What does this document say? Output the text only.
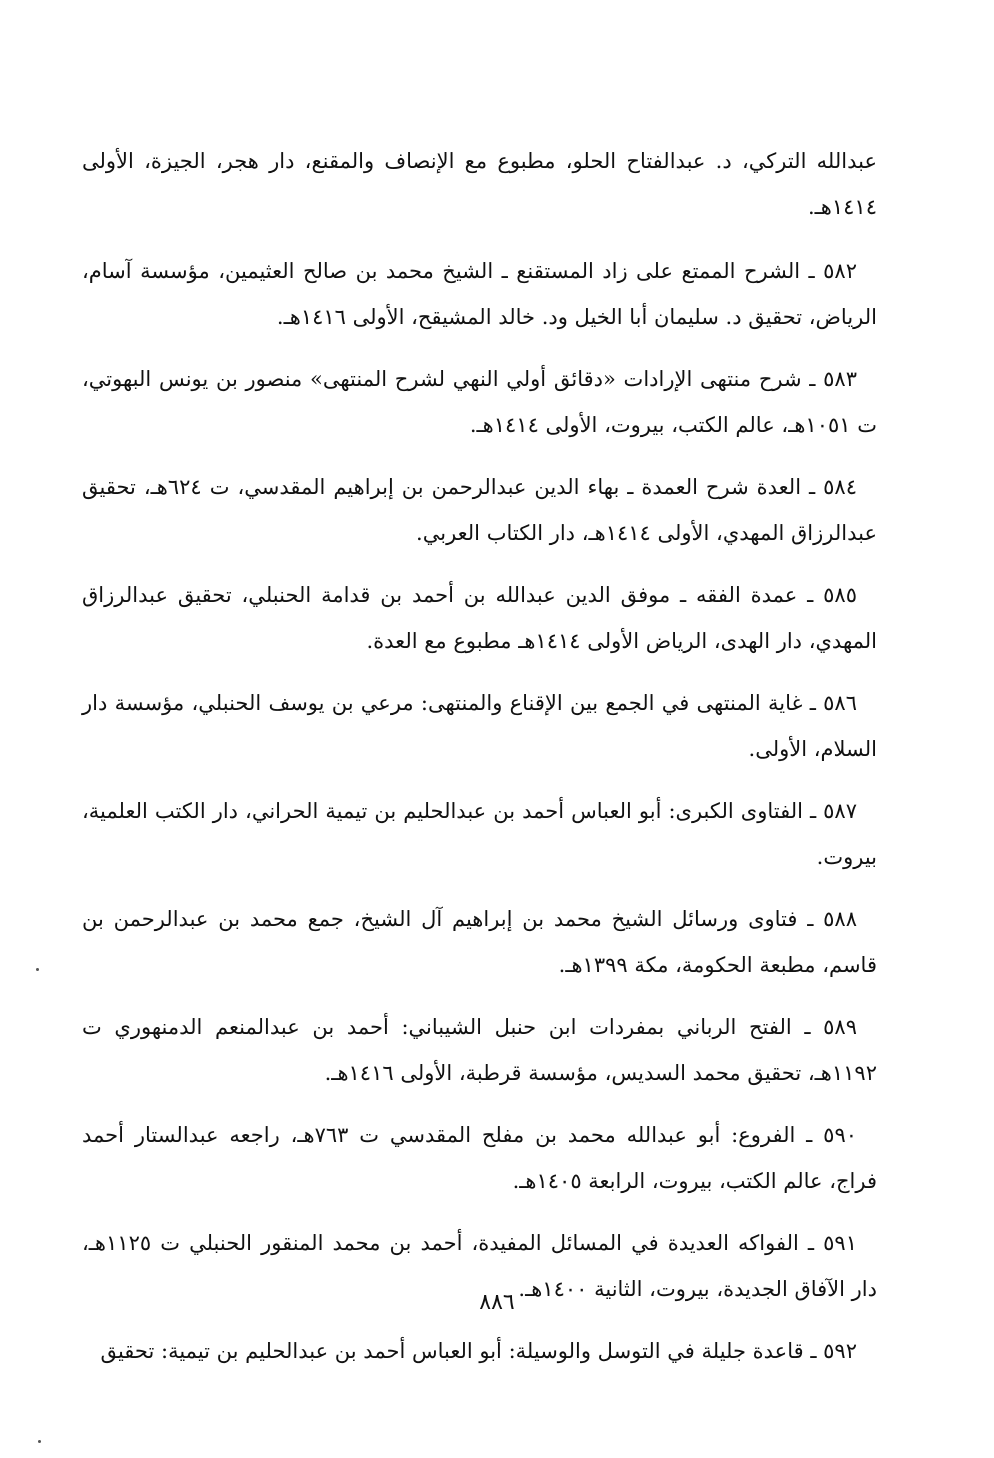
عبدالله التركي، د. عبدالفتاح الحلو، مطبوع مع الإنصاف والمقنع، دار هجر، الجيزة، الأولى ١٤١٤هـ.

٥٨٢ ـ الشرح الممتع على زاد المستقنع ـ الشيخ محمد بن صالح العثيمين، مؤسسة آسام، الرياض، تحقيق د. سليمان أبا الخيل ود. خالد المشيقح، الأولى ١٤١٦هـ.

٥٨٣ ـ شرح منتهى الإرادات «دقائق أولي النهي لشرح المنتهى» منصور بن يونس البهوتي، ت ١٠٥١هـ، عالم الكتب، بيروت، الأولى ١٤١٤هـ.

٥٨٤ ـ العدة شرح العمدة ـ بهاء الدين عبدالرحمن بن إبراهيم المقدسي، ت ٦٢٤هـ، تحقيق عبدالرزاق المهدي، الأولى ١٤١٤هـ، دار الكتاب العربي.

٥٨٥ ـ عمدة الفقه ـ موفق الدين عبدالله بن أحمد بن قدامة الحنبلي، تحقيق عبدالرزاق المهدي، دار الهدى، الرياض الأولى ١٤١٤هـ مطبوع مع العدة.

٥٨٦ ـ غاية المنتهى في الجمع بين الإقناع والمنتهى: مرعي بن يوسف الحنبلي، مؤسسة دار السلام، الأولى.

٥٨٧ ـ الفتاوى الكبرى: أبو العباس أحمد بن عبدالحليم بن تيمية الحراني، دار الكتب العلمية، بيروت.

٥٨٨ ـ فتاوى ورسائل الشيخ محمد بن إبراهيم آل الشيخ، جمع محمد بن عبدالرحمن بن قاسم، مطبعة الحكومة، مكة ١٣٩٩هـ.

٥٨٩ ـ الفتح الرباني بمفردات ابن حنبل الشيباني: أحمد بن عبدالمنعم الدمنهوري ت ١١٩٢هـ، تحقيق محمد السديس، مؤسسة قرطبة، الأولى ١٤١٦هـ.

٥٩٠ ـ الفروع: أبو عبدالله محمد بن مفلح المقدسي ت ٧٦٣هـ، راجعه عبدالستار أحمد فراج، عالم الكتب، بيروت، الرابعة ١٤٠٥هـ.

٥٩١ ـ الفواكه العديدة في المسائل المفيدة، أحمد بن محمد المنقور الحنبلي ت ١١٢٥هـ، دار الآفاق الجديدة، بيروت، الثانية ١٤٠٠هـ.

٥٩٢ ـ قاعدة جليلة في التوسل والوسيلة: أبو العباس أحمد بن عبدالحليم بن تيمية: تحقيق

٨٨٦
